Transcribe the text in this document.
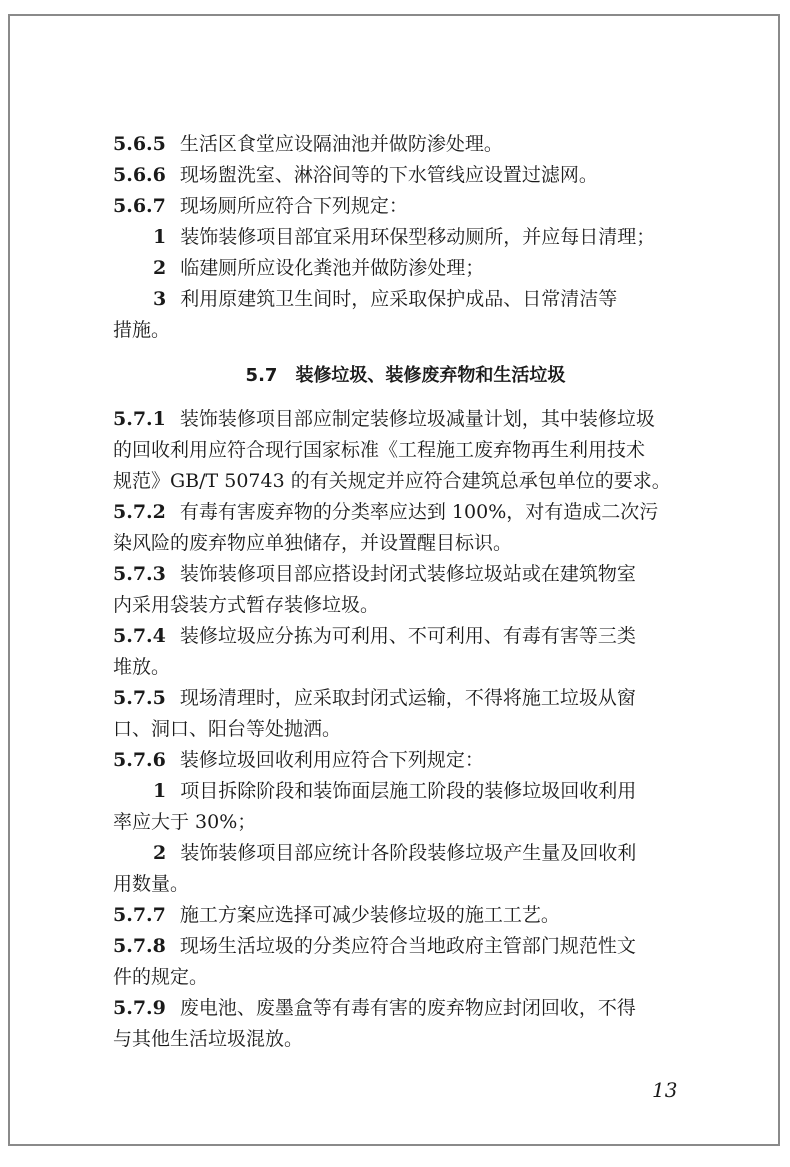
5.6.5 生活区食堂应设隔油池并做防渗处理。
5.6.6 现场盥洗室、淋浴间等的下水管线应设置过滤网。
5.6.7 现场厕所应符合下列规定：
1 装饰装修项目部宜采用环保型移动厕所，并应每日清理；
2 临建厕所应设化粪池并做防渗处理；
3 利用原建筑卫生间时，应采取保护成品、日常清洁等
措施。
5.7 装修垃圾、装修废弃物和生活垃圾
5.7.1 装饰装修项目部应制定装修垃圾减量计划，其中装修垃圾
的回收利用应符合现行国家标准《工程施工废弃物再生利用技术
规范》GB/T 50743 的有关规定并应符合建筑总承包单位的要求。
5.7.2 有毒有害废弃物的分类率应达到 100%，对有造成二次污
染风险的废弃物应单独储存，并设置醒目标识。
5.7.3 装饰装修项目部应搭设封闭式装修垃圾站或在建筑物室
内采用袋装方式暂存装修垃圾。
5.7.4 装修垃圾应分拣为可利用、不可利用、有毒有害等三类
堆放。
5.7.5 现场清理时，应采取封闭式运输，不得将施工垃圾从窗
口、洞口、阳台等处抛洒。
5.7.6 装修垃圾回收利用应符合下列规定：
1 项目拆除阶段和装饰面层施工阶段的装修垃圾回收利用
率应大于 30%；
2 装饰装修项目部应统计各阶段装修垃圾产生量及回收利
用数量。
5.7.7 施工方案应选择可减少装修垃圾的施工工艺。
5.7.8 现场生活垃圾的分类应符合当地政府主管部门规范性文
件的规定。
5.7.9 废电池、废墨盒等有毒有害的废弃物应封闭回收，不得
与其他生活垃圾混放。
13
